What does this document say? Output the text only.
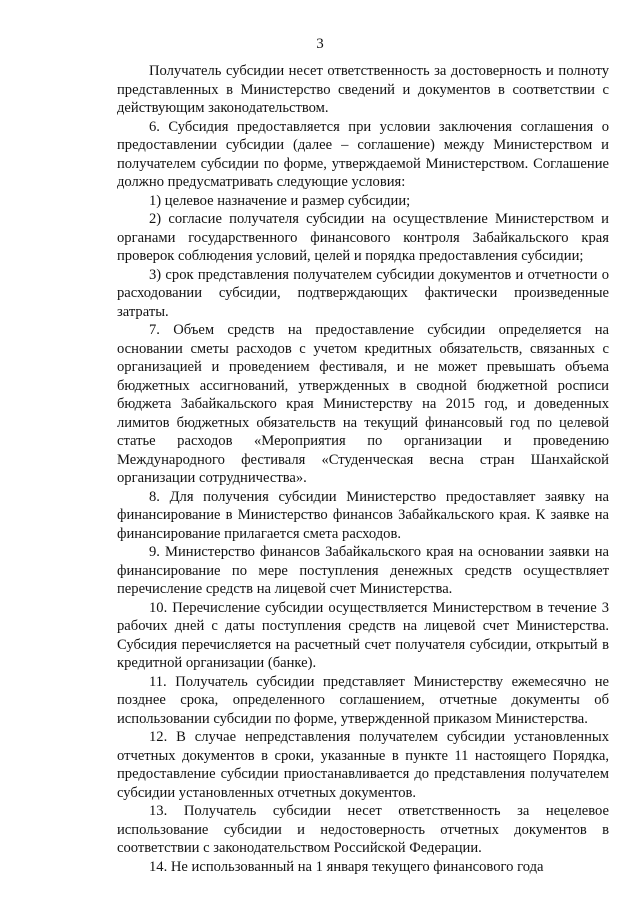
3

Получатель субсидии несет ответственность за достоверность и полноту представленных в Министерство сведений и документов в соответствии с действующим законодательством.

6. Субсидия предоставляется при условии заключения соглашения о предоставлении субсидии (далее – соглашение) между Министерством и получателем субсидии по форме, утверждаемой Министерством. Соглашение должно предусматривать следующие условия:

1) целевое назначение и размер субсидии;

2) согласие получателя субсидии на осуществление Министерством и органами государственного финансового контроля Забайкальского края проверок соблюдения условий, целей и порядка предоставления субсидии;

3) срок представления получателем субсидии документов и отчетности о расходовании субсидии, подтверждающих фактически произведенные затраты.

7. Объем средств на предоставление субсидии определяется на основании сметы расходов с учетом кредитных обязательств, связанных с организацией и проведением фестиваля, и не может превышать объема бюджетных ассигнований, утвержденных в сводной бюджетной росписи бюджета Забайкальского края Министерству на 2015 год, и доведенных лимитов бюджетных обязательств на текущий финансовый год по целевой статье расходов «Мероприятия по организации и проведению Международного фестиваля «Студенческая весна стран Шанхайской организации сотрудничества».

8. Для получения субсидии Министерство предоставляет заявку на финансирование в Министерство финансов Забайкальского края. К заявке на финансирование прилагается смета расходов.

9. Министерство финансов Забайкальского края на основании заявки на финансирование по мере поступления денежных средств осуществляет перечисление средств на лицевой счет Министерства.

10. Перечисление субсидии осуществляется Министерством в течение 3 рабочих дней с даты поступления средств на лицевой счет Министерства. Субсидия перечисляется на расчетный счет получателя субсидии, открытый в кредитной организации (банке).

11. Получатель субсидии представляет Министерству ежемесячно не позднее срока, определенного соглашением, отчетные документы об использовании субсидии по форме, утвержденной приказом Министерства.

12. В случае непредставления получателем субсидии установленных отчетных документов в сроки, указанные в пункте 11 настоящего Порядка, предоставление субсидии приостанавливается до представления получателем субсидии установленных отчетных документов.

13. Получатель субсидии несет ответственность за нецелевое использование субсидии и недостоверность отчетных документов в соответствии с законодательством Российской Федерации.

14. Не использованный на 1 января текущего финансового года
